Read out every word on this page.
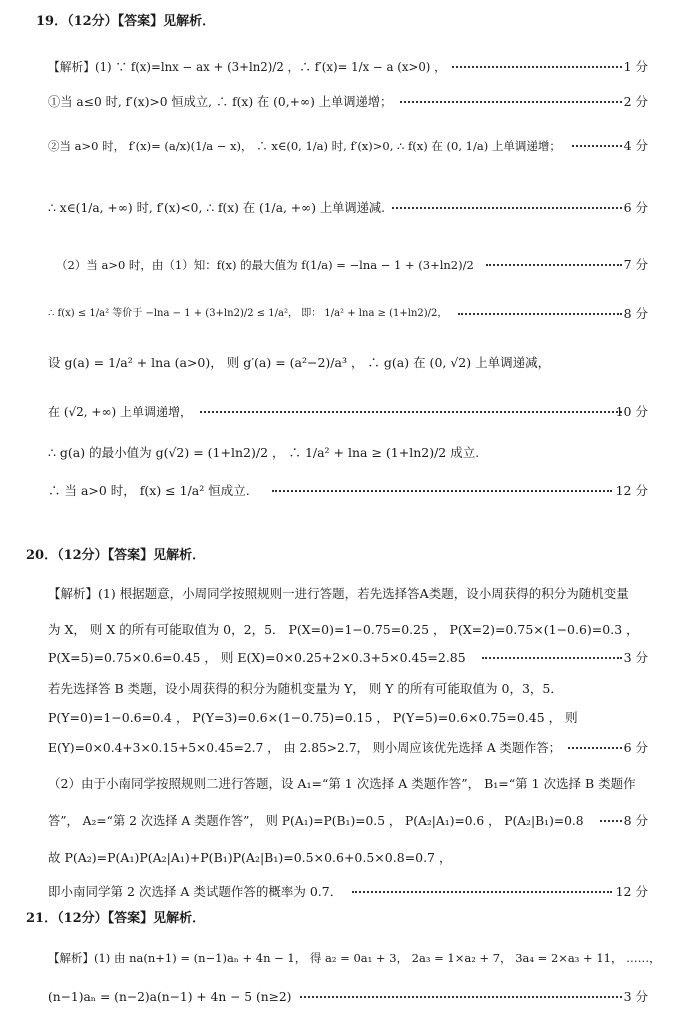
19．（12分）【答案】见解析．
【解析】(1) ∵ f(x)=lnx − ax + (3+ln2)/2 ，∴ f′(x)= 1/x − a (x>0) ，	1 分
①当 a≤0 时, f′(x)>0 恒成立, ∴ f(x) 在 (0,+∞) 上单调递增；	2 分
②当 a>0 时， f′(x)= (a/x)(1/a − x)， ∴ x∈(0, 1/a) 时, f′(x)>0, ∴ f(x) 在 (0, 1/a) 上单调递增；	4 分
∴ x∈(1/a, +∞) 时, f′(x)<0, ∴ f(x) 在 (1/a, +∞) 上单调递减.	6 分
（2）当 a>0 时，由（1）知：f(x) 的最大值为 f(1/a) = −lna − 1 + (3+ln2)/2	7 分
∴ f(x) ≤ 1/a² 等价于 −lna − 1 + (3+ln2)/2 ≤ 1/a²， 即： 1/a² + lna ≥ (1+ln2)/2，	8 分
设 g(a) = 1/a² + lna (a>0)， 则 g′(a) = (a²−2)/a³ ， ∴ g(a) 在 (0, √2) 上单调递减，
在 (√2, +∞) 上单调递增，	10 分
∴ g(a) 的最小值为 g(√2) = (1+ln2)/2 ， ∴ 1/a² + lna ≥ (1+ln2)/2 成立.
∴ 当 a>0 时， f(x) ≤ 1/a² 恒成立.	12 分
20．（12分）【答案】见解析．
【解析】(1) 根据题意，小周同学按照规则一进行答题，若先选择答A类题，设小周获得的积分为随机变量
为 X， 则 X 的所有可能取值为 0，2，5． P(X=0)=1−0.75=0.25 ， P(X=2)=0.75×(1−0.6)=0.3 ，
P(X=5)=0.75×0.6=0.45 ， 则 E(X)=0×0.25+2×0.3+5×0.45=2.85	3 分
若先选择答 B 类题，设小周获得的积分为随机变量为 Y， 则 Y 的所有可能取值为 0，3，5．
P(Y=0)=1−0.6=0.4 ， P(Y=3)=0.6×(1−0.75)=0.15 ， P(Y=5)=0.6×0.75=0.45 ， 则
E(Y)=0×0.4+3×0.15+5×0.45=2.7 ， 由 2.85>2.7， 则小周应该优先选择 A 类题作答；	6 分
（2）由于小南同学按照规则二进行答题，设 A₁=“第 1 次选择 A 类题作答”， B₁=“第 1 次选择 B 类题作
答”， A₂=“第 2 次选择 A 类题作答”， 则 P(A₁)=P(B₁)=0.5 ， P(A₂|A₁)=0.6 ， P(A₂|B₁)=0.8	8 分
故 P(A₂)=P(A₁)P(A₂|A₁)+P(B₁)P(A₂|B₁)=0.5×0.6+0.5×0.8=0.7 ，
即小南同学第 2 次选择 A 类试题作答的概率为 0.7．	12 分
21．（12分）【答案】见解析．
【解析】(1) 由 na(n+1) = (n−1)aₙ + 4n − 1， 得 a₂ = 0a₁ + 3， 2a₃ = 1×a₂ + 7， 3a₄ = 2×a₃ + 11， ……，
(n−1)aₙ = (n−2)a(n−1) + 4n − 5 (n≥2)	3 分
